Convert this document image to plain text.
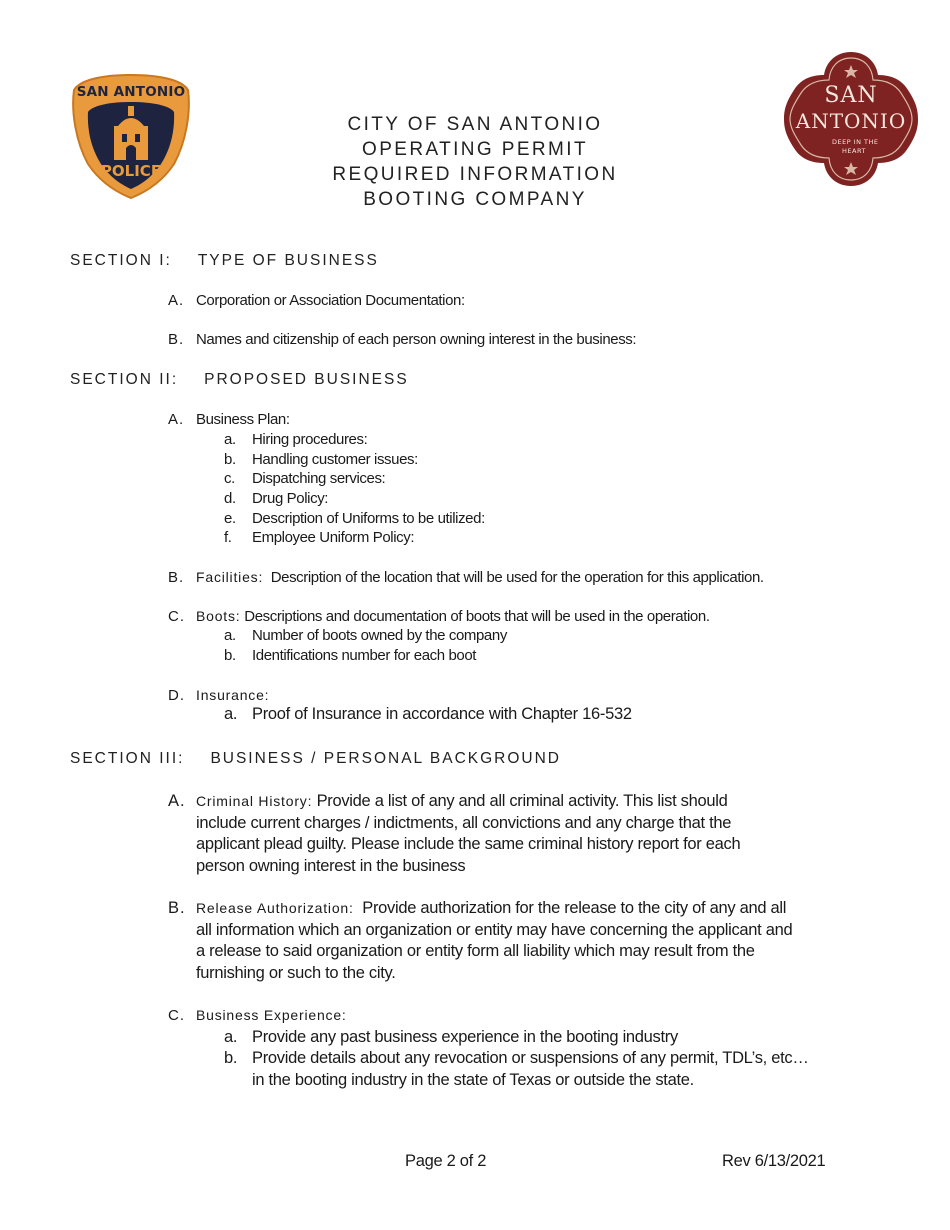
SAN ANTONIO
POLICE
SAN
ANTONIO
DEEP IN THE
HEART
CITY OF SAN ANTONIO
OPERATING PERMIT
REQUIRED INFORMATION
BOOTING COMPANY
SECTION I: TYPE OF BUSINESS
A. Corporation or Association Documentation:
B. Names and citizenship of each person owning interest in the business:
SECTION II: PROPOSED BUSINESS
A. Business Plan:
a. Hiring procedures:
b. Handling customer issues:
c. Dispatching services:
d. Drug Policy:
e. Description of Uniforms to be utilized:
f. Employee Uniform Policy:
B. Facilities: Description of the location that will be used for the operation for this application.
C. Boots: Descriptions and documentation of boots that will be used in the operation.
a. Number of boots owned by the company
b. Identifications number for each boot
D. Insurance:
a. Proof of Insurance in accordance with Chapter 16-532
SECTION III: BUSINESS / PERSONAL BACKGROUND
A. Criminal History: Provide a list of any and all criminal activity. This list should
include current charges / indictments, all convictions and any charge that the
applicant plead guilty. Please include the same criminal history report for each
person owning interest in the business
B. Release Authorization: Provide authorization for the release to the city of any and all
all information which an organization or entity may have concerning the applicant and
a release to said organization or entity form all liability which may result from the
furnishing or such to the city.
C. Business Experience:
a. Provide any past business experience in the booting industry
b. Provide details about any revocation or suspensions of any permit, TDL’s, etc…
in the booting industry in the state of Texas or outside the state.
Page 2 of 2	Rev 6/13/2021
